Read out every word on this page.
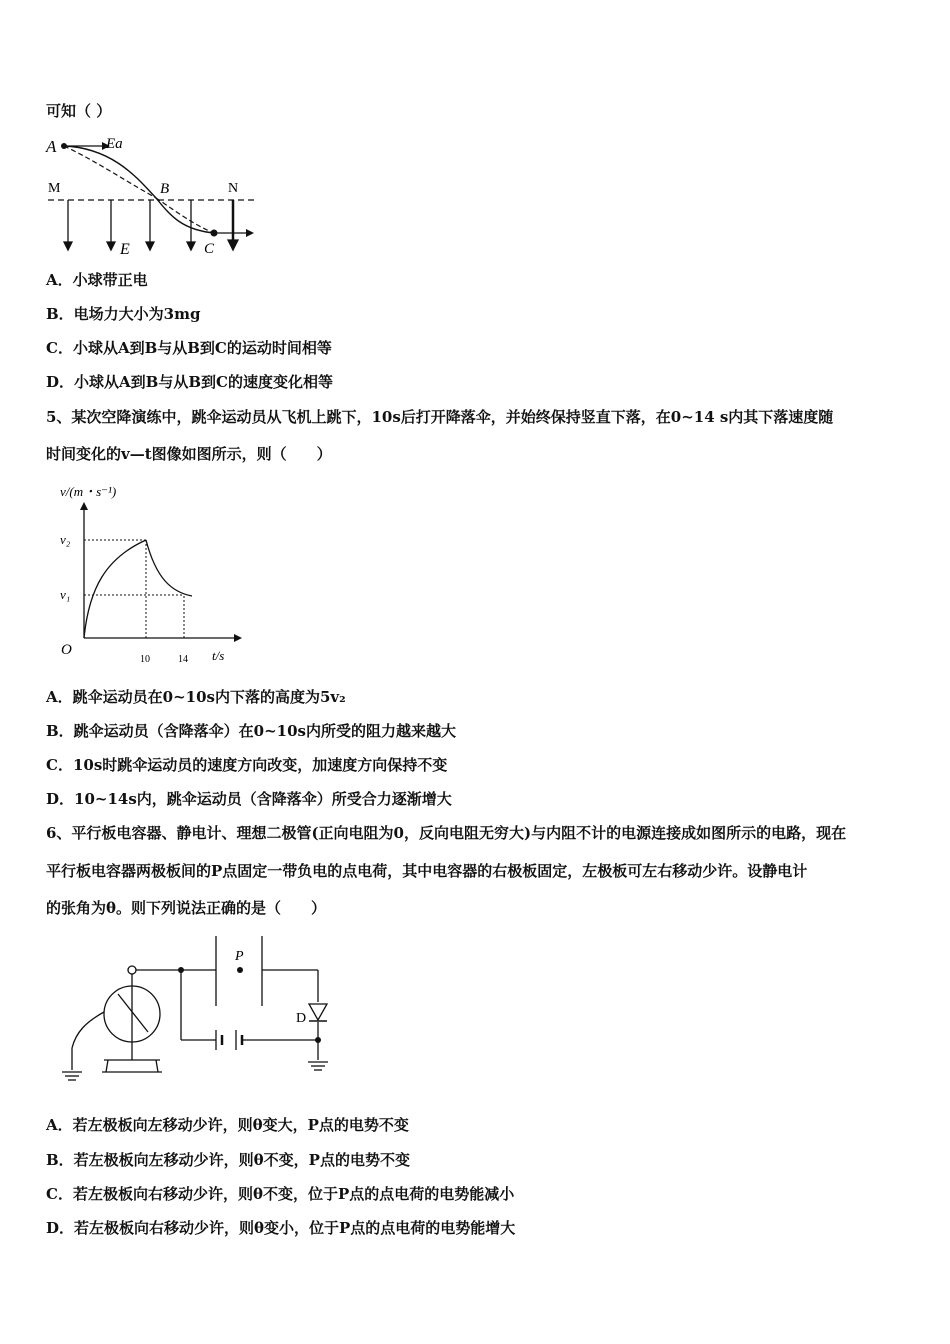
可知（ ）
A	Ea
M	B	N
E	C
A．小球带正电
B．电场力大小为3mg
C．小球从A到B与从B到C的运动时间相等
D．小球从A到B与从B到C的速度变化相等
5、某次空降演练中，跳伞运动员从飞机上跳下，10s后打开降落伞，并始终保持竖直下落，在0~14 s内其下落速度随
时间变化的v—t图像如图所示，则（　　）
v/(m・s⁻¹)
v₂
v₁
O
10	14 t/s
A．跳伞运动员在0~10s内下落的高度为5v₂
B．跳伞运动员（含降落伞）在0~10s内所受的阻力越来越大
C．10s时跳伞运动员的速度方向改变，加速度方向保持不变
D．10~14s内，跳伞运动员（含降落伞）所受合力逐渐增大
6、平行板电容器、静电计、理想二极管(正向电阻为0，反向电阻无穷大)与内阻不计的电源连接成如图所示的电路，现在
平行板电容器两极板间的P点固定一带负电的点电荷，其中电容器的右极板固定，左极板可左右移动少许。设静电计
的张角为θ。则下列说法正确的是（　　）
P
D
A．若左极板向左移动少许，则θ变大，P点的电势不变
B．若左极板向左移动少许，则θ不变，P点的电势不变
C．若左极板向右移动少许，则θ不变，位于P点的点电荷的电势能减小
D．若左极板向右移动少许，则θ变小，位于P点的点电荷的电势能增大
